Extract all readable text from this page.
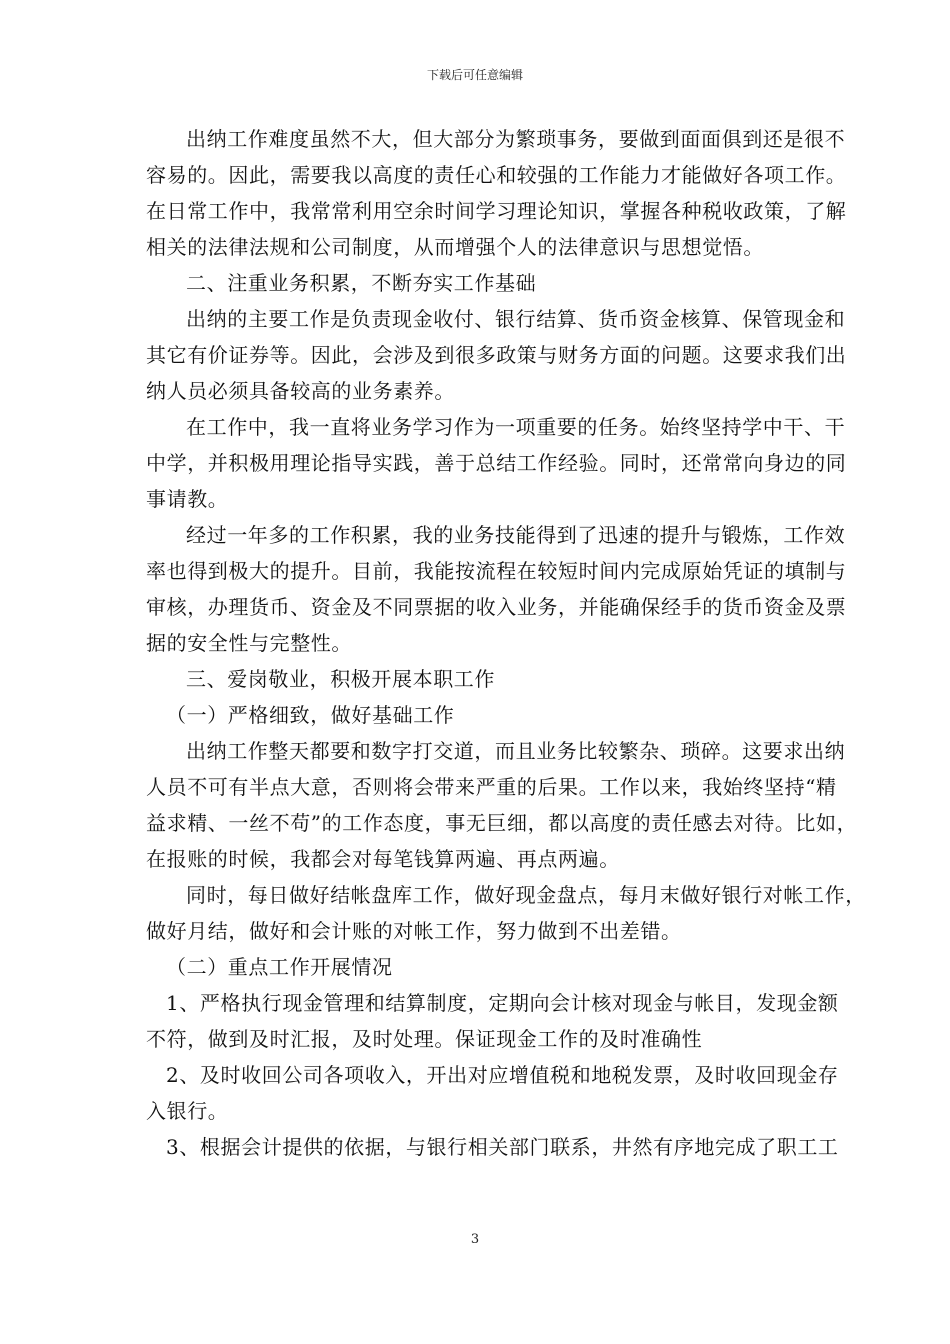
下载后可任意编辑
出纳工作难度虽然不大，但大部分为繁琐事务，要做到面面俱到还是很不
容易的。因此，需要我以高度的责任心和较强的工作能力才能做好各项工作。
在日常工作中，我常常利用空余时间学习理论知识，掌握各种税收政策，了解
相关的法律法规和公司制度，从而增强个人的法律意识与思想觉悟。
二、注重业务积累，不断夯实工作基础
出纳的主要工作是负责现金收付、银行结算、货币资金核算、保管现金和
其它有价证券等。因此，会涉及到很多政策与财务方面的问题。这要求我们出
纳人员必须具备较高的业务素养。
在工作中，我一直将业务学习作为一项重要的任务。始终坚持学中干、干
中学，并积极用理论指导实践，善于总结工作经验。同时，还常常向身边的同
事请教。
经过一年多的工作积累，我的业务技能得到了迅速的提升与锻炼，工作效
率也得到极大的提升。目前，我能按流程在较短时间内完成原始凭证的填制与
审核，办理货币、资金及不同票据的收入业务，并能确保经手的货币资金及票
据的安全性与完整性。
三、爱岗敬业，积极开展本职工作
（一）严格细致，做好基础工作
出纳工作整天都要和数字打交道，而且业务比较繁杂、琐碎。这要求出纳
人员不可有半点大意，否则将会带来严重的后果。工作以来，我始终坚持“精
益求精、一丝不苟”的工作态度，事无巨细，都以高度的责任感去对待。比如，
在报账的时候，我都会对每笔钱算两遍、再点两遍。
同时，每日做好结帐盘库工作，做好现金盘点，每月末做好银行对帐工作，
做好月结，做好和会计账的对帐工作，努力做到不出差错。
（二）重点工作开展情况
1、严格执行现金管理和结算制度，定期向会计核对现金与帐目，发现金额
不符，做到及时汇报，及时处理。保证现金工作的及时准确性
2、及时收回公司各项收入，开出对应增值税和地税发票，及时收回现金存
入银行。
3、根据会计提供的依据，与银行相关部门联系，井然有序地完成了职工工
3
